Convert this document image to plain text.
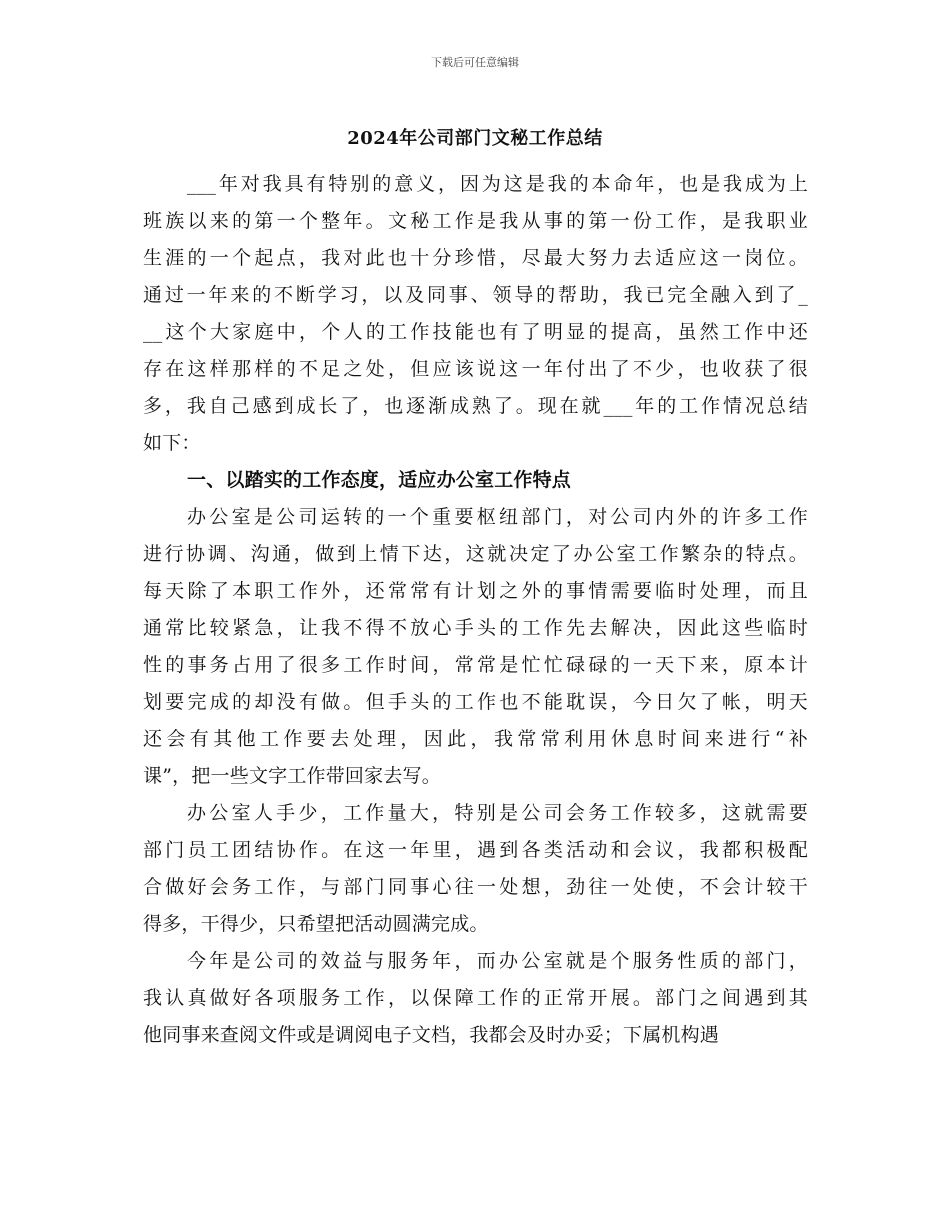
下载后可任意编辑
2024年公司部门文秘工作总结
___年对我具有特别的意义，因为这是我的本命年，也是我成为上
班族以来的第一个整年。文秘工作是我从事的第一份工作，是我职业
生涯的一个起点，我对此也十分珍惜，尽最大努力去适应这一岗位。
通过一年来的不断学习，以及同事、领导的帮助，我已完全融入到了_
__这个大家庭中，个人的工作技能也有了明显的提高，虽然工作中还
存在这样那样的不足之处，但应该说这一年付出了不少，也收获了很
多，我自己感到成长了，也逐渐成熟了。现在就___年的工作情况总结
如下：
一、以踏实的工作态度，适应办公室工作特点
办公室是公司运转的一个重要枢纽部门，对公司内外的许多工作
进行协调、沟通，做到上情下达，这就决定了办公室工作繁杂的特点。
每天除了本职工作外，还常常有计划之外的事情需要临时处理，而且
通常比较紧急，让我不得不放心手头的工作先去解决，因此这些临时
性的事务占用了很多工作时间，常常是忙忙碌碌的一天下来，原本计
划要完成的却没有做。但手头的工作也不能耽误，今日欠了帐，明天
还会有其他工作要去处理，因此，我常常利用休息时间来进行“补
课”，把一些文字工作带回家去写。
办公室人手少，工作量大，特别是公司会务工作较多，这就需要
部门员工团结协作。在这一年里，遇到各类活动和会议，我都积极配
合做好会务工作，与部门同事心往一处想，劲往一处使，不会计较干
得多，干得少，只希望把活动圆满完成。
今年是公司的效益与服务年，而办公室就是个服务性质的部门，
我认真做好各项服务工作，以保障工作的正常开展。部门之间遇到其
他同事来查阅文件或是调阅电子文档，我都会及时办妥；下属机构遇
